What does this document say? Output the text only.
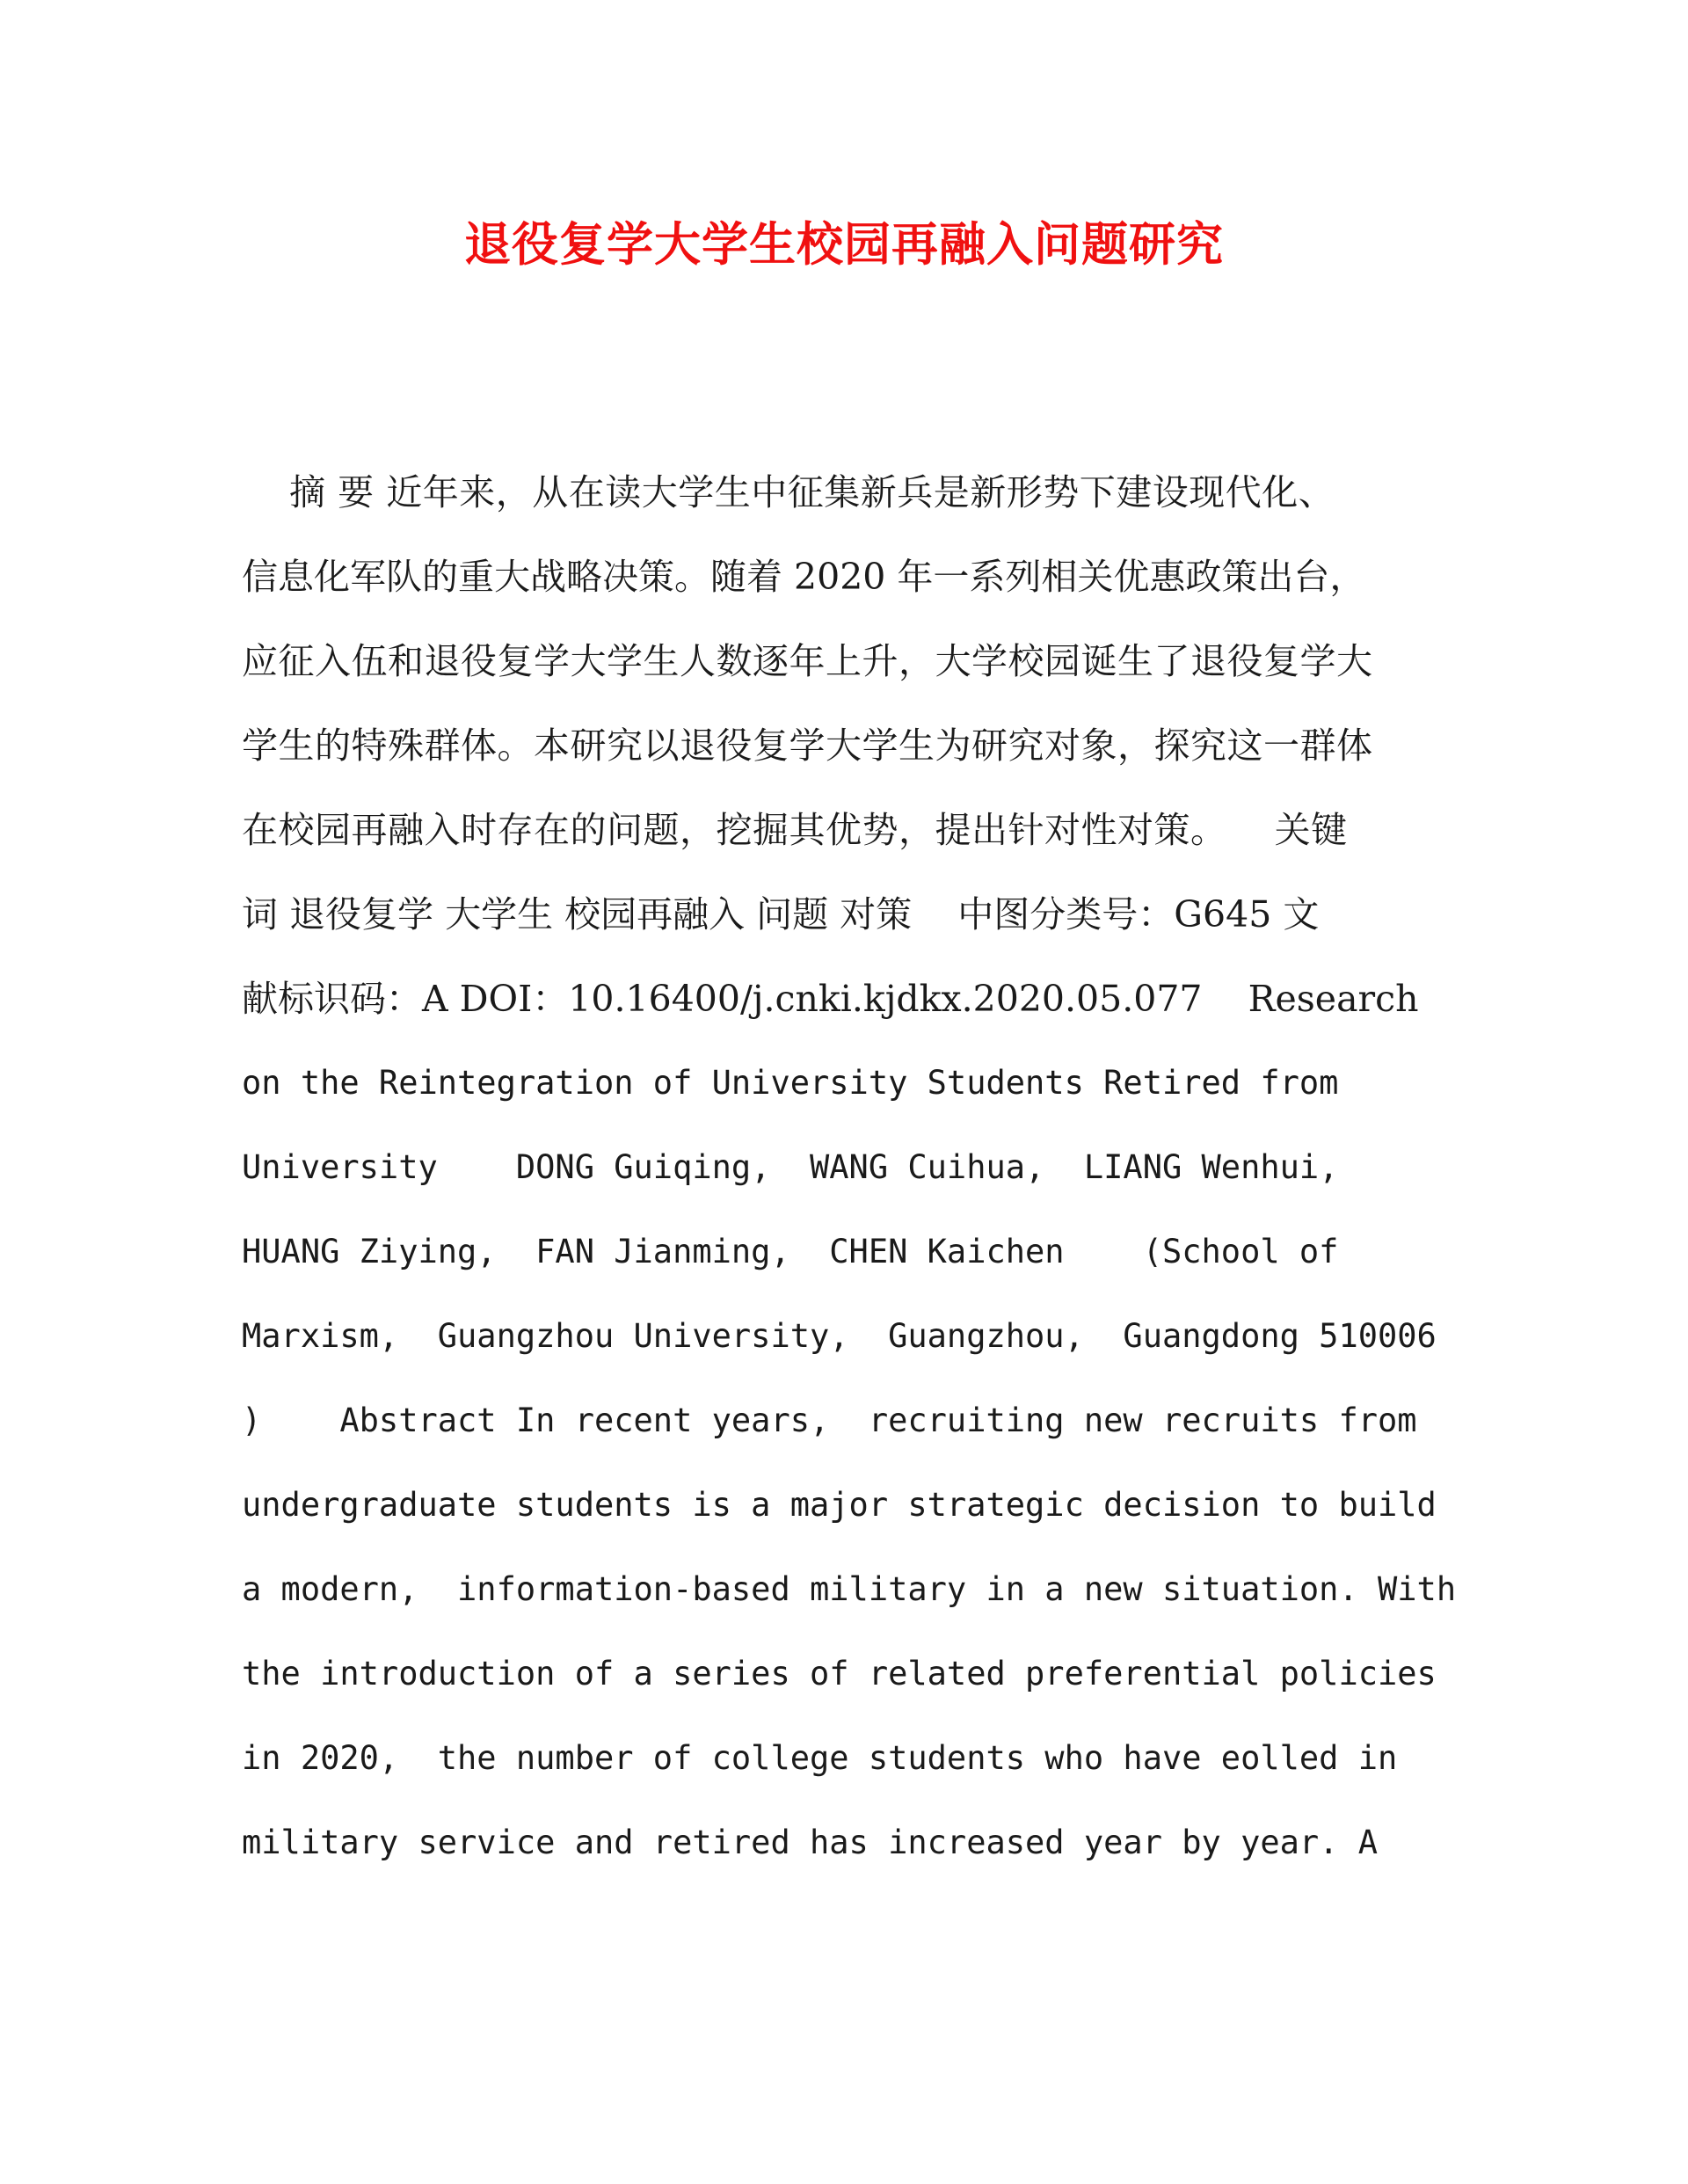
退役复学大学生校园再融入问题研究
摘 要 近年来，从在读大学生中征集新兵是新形势下建设现代化、
信息化军队的重大战略决策。随着 2020 年一系列相关优惠政策出台，
应征入伍和退役复学大学生人数逐年上升，大学校园诞生了退役复学大
学生的特殊群体。本研究以退役复学大学生为研究对象，探究这一群体
在校园再融入时存在的问题，挖掘其优势，提出针对性对策。    关键
词 退役复学 大学生 校园再融入 问题 对策    中图分类号：G645 文
献标识码：A DOI：10.16400/j.cnki.kjdkx.2020.05.077    Research
on the Reintegration of University Students Retired from
University    DONG Guiqing,  WANG Cuihua,  LIANG Wenhui,
HUANG Ziying,  FAN Jianming,  CHEN Kaichen    (School of
Marxism,  Guangzhou University,  Guangzhou,  Guangdong 510006
)    Abstract In recent years,  recruiting new recruits from
undergraduate students is a major strategic decision to build
a modern,  information-based military in a new situation. With
the introduction of a series of related preferential policies
in 2020,  the number of college students who have eolled in
military service and retired has increased year by year. A
